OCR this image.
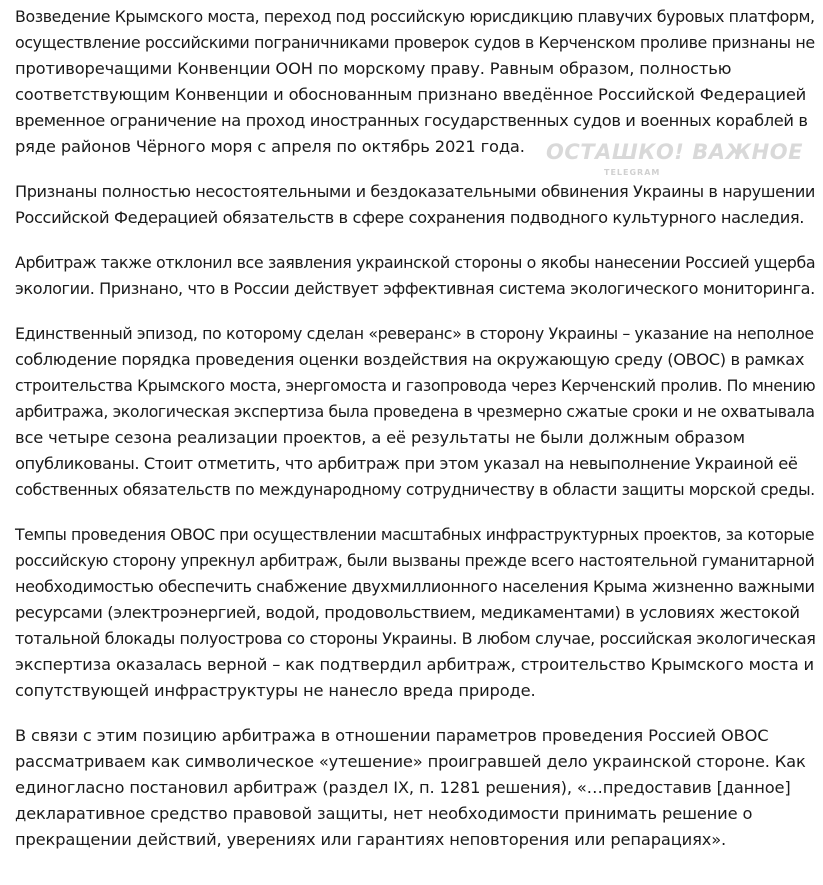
Возведение Крымского моста, переход под российскую юрисдикцию плавучих буровых платформ,
осуществление российскими пограничниками проверок судов в Керченском проливе признаны не
противоречащими Конвенции ООН по морскому праву. Равным образом, полностью
соответствующим Конвенции и обоснованным признано введённое Российской Федерацией
временное ограничение на проход иностранных государственных судов и военных кораблей в
ряде районов Чёрного моря с апреля по октябрь 2021 года.

Признаны полностью несостоятельными и бездоказательными обвинения Украины в нарушении
Российской Федерацией обязательств в сфере сохранения подводного культурного наследия.

Арбитраж также отклонил все заявления украинской стороны о якобы нанесении Россией ущерба
экологии. Признано, что в России действует эффективная система экологического мониторинга.

Единственный эпизод, по которому сделан «реверанс» в сторону Украины – указание на неполное
соблюдение порядка проведения оценки воздействия на окружающую среду (ОВОС) в рамках
строительства Крымского моста, энергомоста и газопровода через Керченский пролив. По мнению
арбитража, экологическая экспертиза была проведена в чрезмерно сжатые сроки и не охватывала
все четыре сезона реализации проектов, а её результаты не были должным образом
опубликованы. Стоит отметить, что арбитраж при этом указал на невыполнение Украиной её
собственных обязательств по международному сотрудничеству в области защиты морской среды.

Темпы проведения ОВОС при осуществлении масштабных инфраструктурных проектов, за которые
российскую сторону упрекнул арбитраж, были вызваны прежде всего настоятельной гуманитарной
необходимостью обеспечить снабжение двухмиллионного населения Крыма жизненно важными
ресурсами (электроэнергией, водой, продовольствием, медикаментами) в условиях жестокой
тотальной блокады полуострова со стороны Украины. В любом случае, российская экологическая
экспертиза оказалась верной – как подтвердил арбитраж, строительство Крымского моста и
сопутствующей инфраструктуры не нанесло вреда природе.

В связи с этим позицию арбитража в отношении параметров проведения Россией ОВОС
рассматриваем как символическое «утешение» проигравшей дело украинской стороне. Как
единогласно постановил арбитраж (раздел IX, п. 1281 решения), «…предоставив [данное]
декларативное средство правовой защиты, нет необходимости принимать решение о
прекращении действий, уверениях или гарантиях неповторения или репарациях».

ОСТАШКО! ВАЖНОЕ
TELEGRAM
